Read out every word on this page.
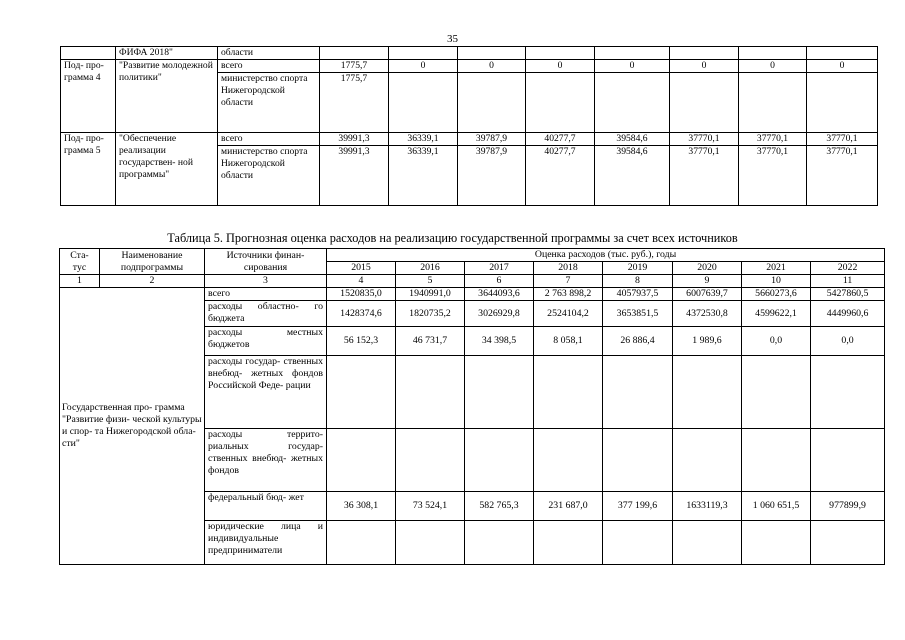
35
	ФИФА 2018"	области								
Под- про- грамма 4	"Развитие молодежной политики"	всего	1775,7	0	0	0	0	0	0	0
		министерство спорта Нижегородской области	1775,7							
Под- про- грамма 5	"Обеспечение реализации государствен- ной программы"	всего	39991,3	36339,1	39787,9	40277,7	39584,6	37770,1	37770,1	37770,1
		министерство спорта Нижегородской области	39991,3	36339,1	39787,9	40277,7	39584,6	37770,1	37770,1	37770,1
Таблица 5. Прогнозная оценка расходов на реализацию государственной программы за счет всех источников
Ста- тус	Наименование подпрограммы	Источники финан- сирования	Оценка расходов (тыс. руб.), годы							
			2015	2016	2017	2018	2019	2020	2021	2022
1	2	3	4	5	6	7	8	9	10	11
Государственная про- грамма "Развитие физи- ческой культуры и спор- та Нижегородской обла- сти"		всего	1520835,0	1940991,0	3644093,6	2 763 898,2	4057937,5	6007639,7	5660273,6	5427860,5
		расходы областно- го бюджета	1428374,6	1820735,2	3026929,8	2524104,2	3653851,5	4372530,8	4599622,1	4449960,6
		расходы местных бюджетов	56 152,3	46 731,7	34 398,5	8 058,1	26 886,4	1 989,6	0,0	0,0
		расходы государ- ственных внебюд- жетных фондов Российской Феде- рации								
		расходы террито- риальных государ- ственных внебюд- жетных фондов								
		федеральный бюд- жет	36 308,1	73 524,1	582 765,3	231 687,0	377 199,6	1633119,3	1 060 651,5	977899,9
		юридические лица и индивидуальные предприниматели								
